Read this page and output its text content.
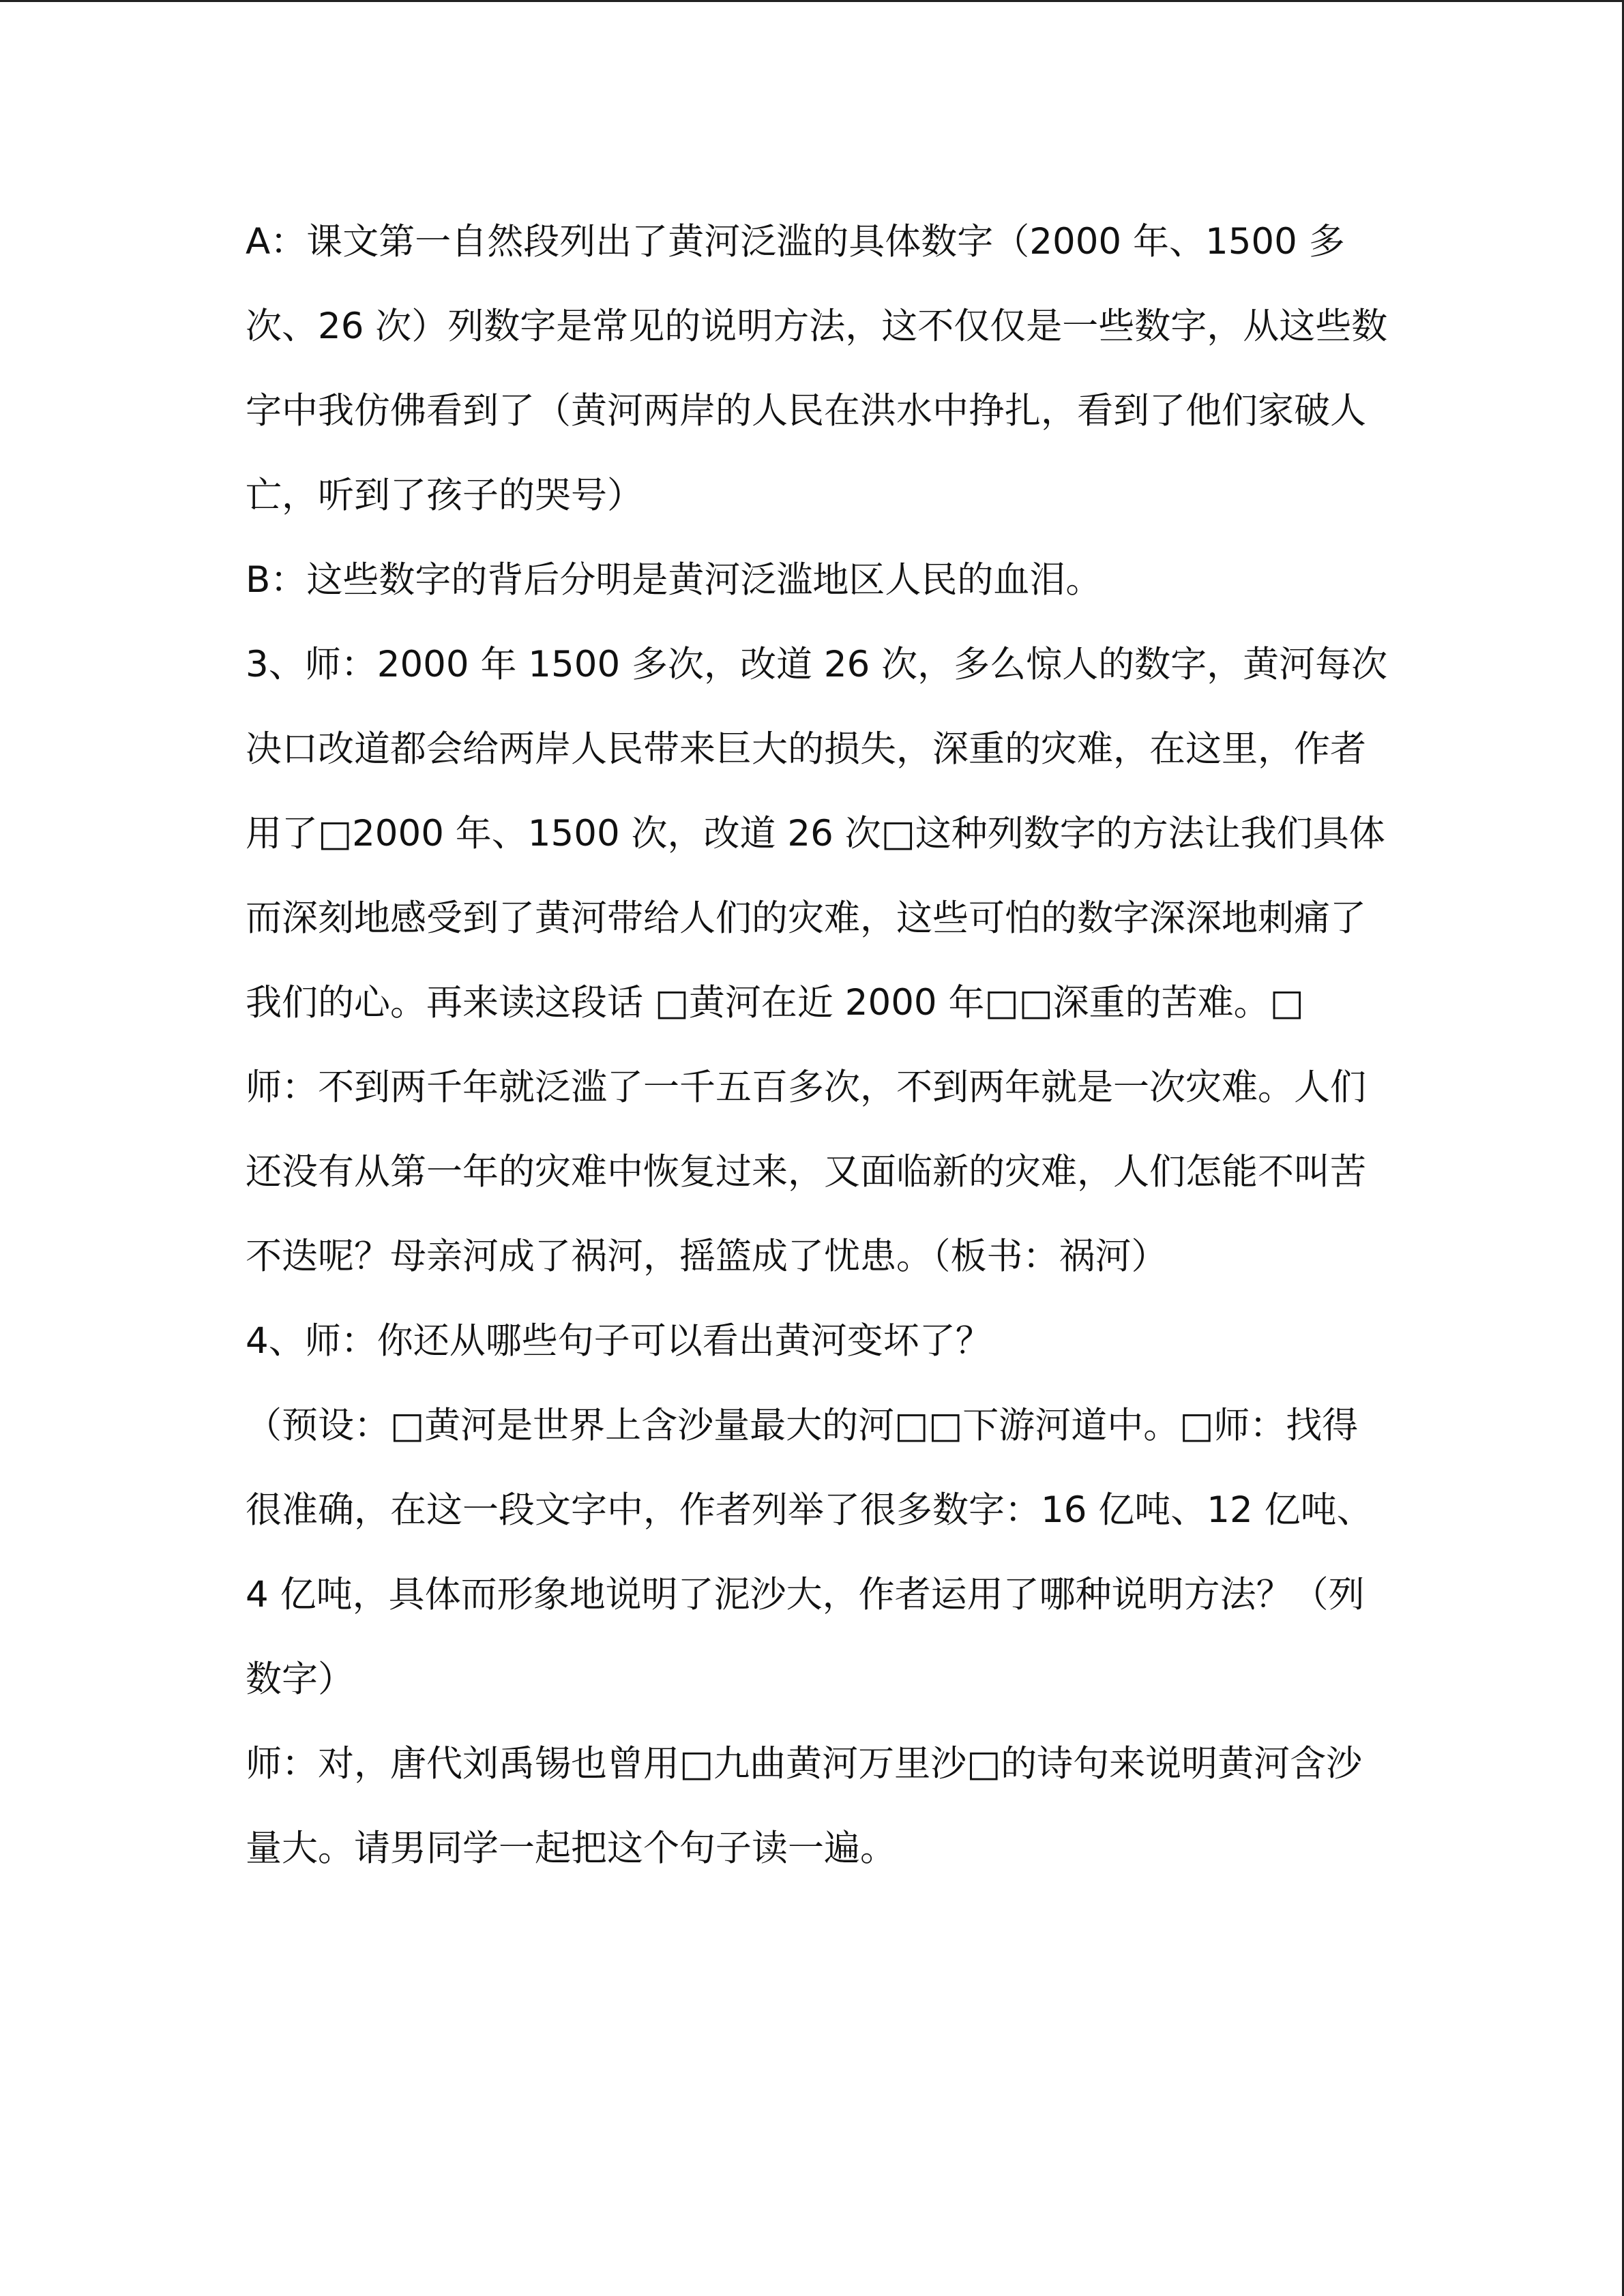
A：课文第一自然段列出了黄河泛滥的具体数字（2000 年、1500 多次、26 次）列数字是常见的说明方法，这不仅仅是一些数字，从这些数字中我仿佛看到了（黄河两岸的人民在洪水中挣扎，看到了他们家破人亡，听到了孩子的哭号）

B：这些数字的背后分明是黄河泛滥地区人民的血泪。

3、师：2000 年 1500 多次，改道 26 次，多么惊人的数字，黄河每次决口改道都会给两岸人民带来巨大的损失，深重的灾难，在这里，作者用了□2000 年、1500 次，改道 26 次□这种列数字的方法让我们具体而深刻地感受到了黄河带给人们的灾难，这些可怕的数字深深地刺痛了我们的心。再来读这段话 □黄河在近 2000 年□□深重的苦难。□

师：不到两千年就泛滥了一千五百多次，不到两年就是一次灾难。人们还没有从第一年的灾难中恢复过来，又面临新的灾难，人们怎能不叫苦不迭呢？母亲河成了祸河，摇篮成了忧患。（板书：祸河）

4、师：你还从哪些句子可以看出黄河变坏了？

（预设：□黄河是世界上含沙量最大的河□□下游河道中。□师：找得很准确，在这一段文字中，作者列举了很多数字：16 亿吨、12 亿吨、4 亿吨，具体而形象地说明了泥沙大，作者运用了哪种说明方法？（列数字）

师：对，唐代刘禹锡也曾用□九曲黄河万里沙□的诗句来说明黄河含沙量大。请男同学一起把这个句子读一遍。
